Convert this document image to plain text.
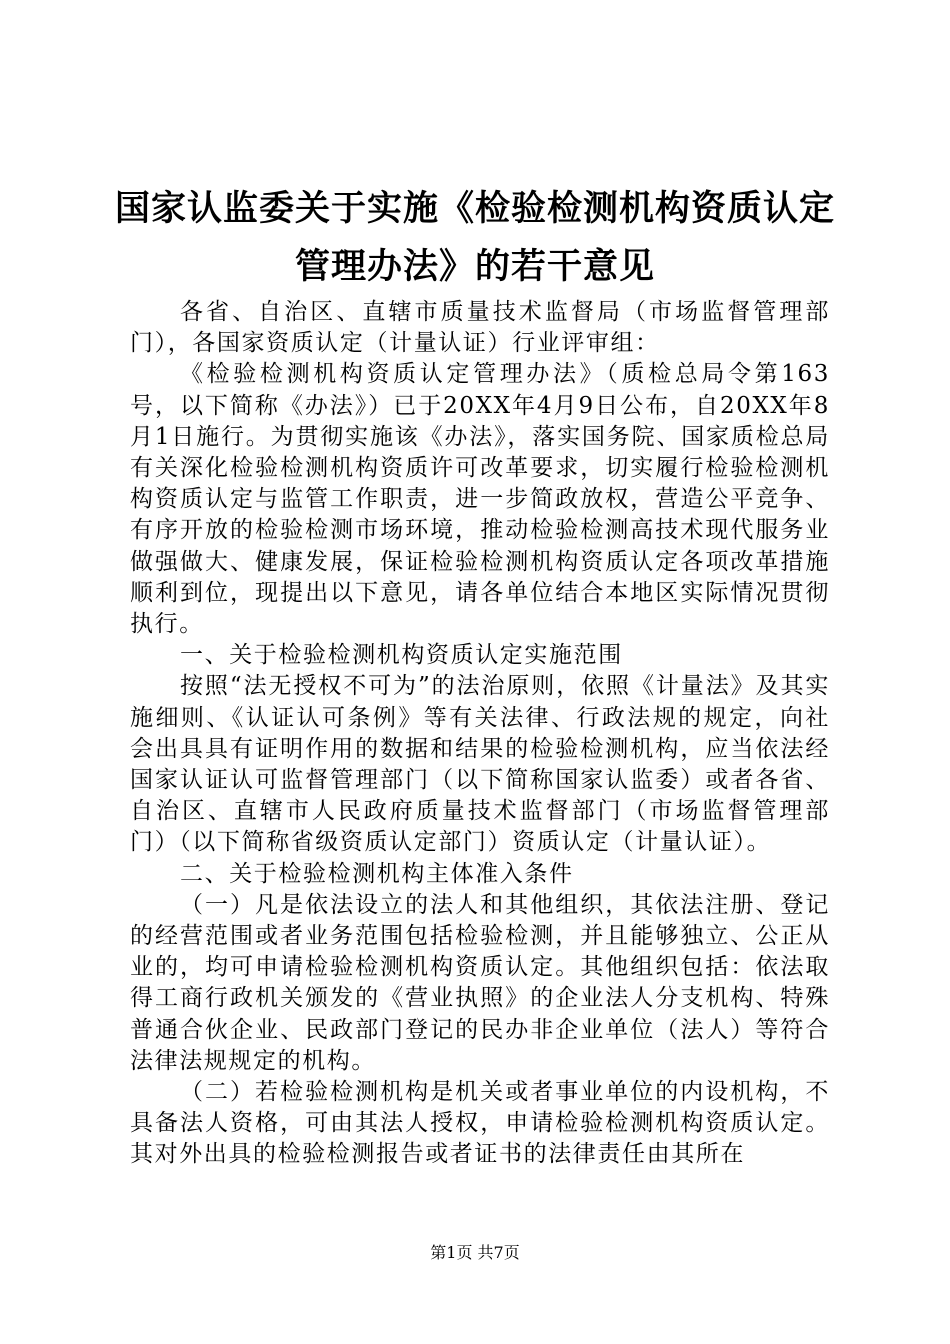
国家认监委关于实施《检验检测机构资质认定管理办法》的若干意见

各省、自治区、直辖市质量技术监督局（市场监督管理部门），各国家资质认定（计量认证）行业评审组：

《检验检测机构资质认定管理办法》（质检总局令第163号，以下简称《办法》）已于20XX年4月9日公布，自20XX年8月1日施行。为贯彻实施该《办法》，落实国务院、国家质检总局有关深化检验检测机构资质许可改革要求，切实履行检验检测机构资质认定与监管工作职责，进一步简政放权，营造公平竞争、有序开放的检验检测市场环境，推动检验检测高技术现代服务业做强做大、健康发展，保证检验检测机构资质认定各项改革措施顺利到位，现提出以下意见，请各单位结合本地区实际情况贯彻执行。

一、关于检验检测机构资质认定实施范围

按照“法无授权不可为”的法治原则，依照《计量法》及其实施细则、《认证认可条例》等有关法律、行政法规的规定，向社会出具具有证明作用的数据和结果的检验检测机构，应当依法经国家认证认可监督管理部门（以下简称国家认监委）或者各省、自治区、直辖市人民政府质量技术监督部门（市场监督管理部门）（以下简称省级资质认定部门）资质认定（计量认证）。

二、关于检验检测机构主体准入条件

（一）凡是依法设立的法人和其他组织，其依法注册、登记的经营范围或者业务范围包括检验检测，并且能够独立、公正从业的，均可申请检验检测机构资质认定。其他组织包括：依法取得工商行政机关颁发的《营业执照》的企业法人分支机构、特殊普通合伙企业、民政部门登记的民办非企业单位（法人）等符合法律法规规定的机构。

（二）若检验检测机构是机关或者事业单位的内设机构，不具备法人资格，可由其法人授权，申请检验检测机构资质认定。其对外出具的检验检测报告或者证书的法律责任由其所在

第1页 共7页
